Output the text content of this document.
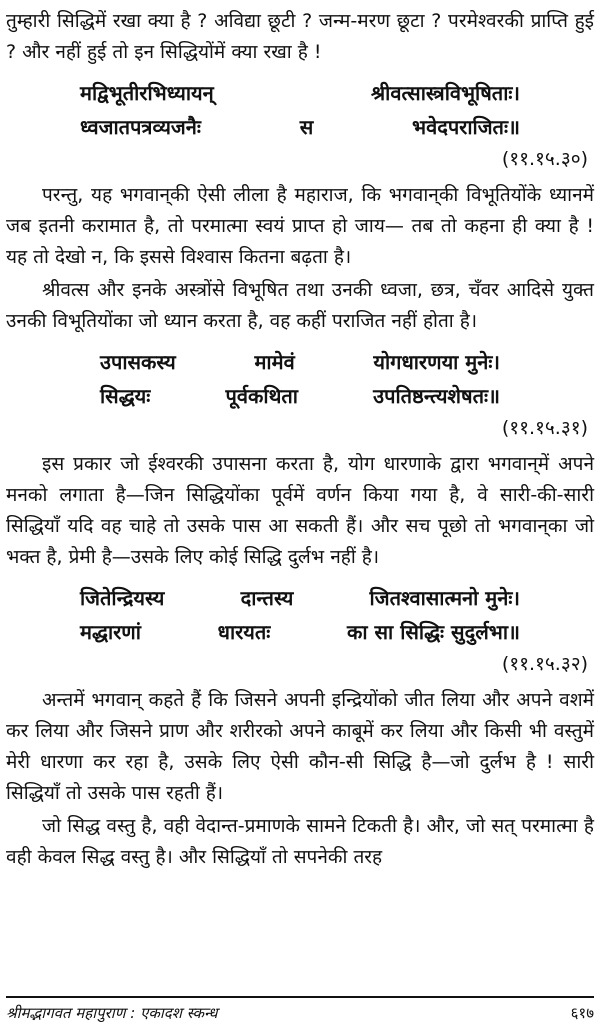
तुम्हारी सिद्धिमें रखा क्या है ? अविद्या छूटी ? जन्म-मरण छूटा ? परमेश्वरकी प्राप्ति हुई ? और नहीं हुई तो इन सिद्धियोंमें क्या रखा है !

मद्विभूतीरभिध्यायन्	श्रीवत्सास्त्रविभूषिताः।
ध्वजातपत्रव्यजनैः	स	भवेदपराजितः॥
(११.१५.३०)

परन्तु, यह भगवान्‌की ऐसी लीला है महाराज, कि भगवान्‌की विभूतियोंके ध्यानमें जब इतनी करामात है, तो परमात्मा स्वयं प्राप्त हो जाय— तब तो कहना ही क्या है ! यह तो देखो न, कि इससे विश्वास कितना बढ़ता है।

श्रीवत्स और इनके अस्त्रोंसे विभूषित तथा उनकी ध्वजा, छत्र, चँवर आदिसे युक्त उनकी विभूतियोंका जो ध्यान करता है, वह कहीं पराजित नहीं होता है।

उपासकस्य	मामेवं	योगधारणया मुनेः।
सिद्धयः	पूर्वकथिता	उपतिष्ठन्त्यशेषतः॥
(११.१५.३१)

इस प्रकार जो ईश्वरकी उपासना करता है, योग धारणाके द्वारा भगवान्‌में अपने मनको लगाता है—जिन सिद्धियोंका पूर्वमें वर्णन किया गया है, वे सारी-की-सारी सिद्धियाँ यदि वह चाहे तो उसके पास आ सकती हैं। और सच पूछो तो भगवान्‌का जो भक्त है, प्रेमी है—उसके लिए कोई सिद्धि दुर्लभ नहीं है।

जितेन्द्रियस्य	दान्तस्य	जितश्वासात्मनो मुनेः।
मद्धारणां	धारयतः	का सा सिद्धिः सुदुर्लभा॥
(११.१५.३२)

अन्तमें भगवान् कहते हैं कि जिसने अपनी इन्द्रियोंको जीत लिया और अपने वशमें कर लिया और जिसने प्राण और शरीरको अपने काबूमें कर लिया और किसी भी वस्तुमें मेरी धारणा कर रहा है, उसके लिए ऐसी कौन-सी सिद्धि है—जो दुर्लभ है ! सारी सिद्धियाँ तो उसके पास रहती हैं।

जो सिद्ध वस्तु है, वही वेदान्त-प्रमाणके सामने टिकती है। और, जो सत् परमात्मा है वही केवल सिद्ध वस्तु है। और सिद्धियाँ तो सपनेकी तरह

श्रीमद्भागवत महापुराण : एकादश स्कन्ध	६१७
